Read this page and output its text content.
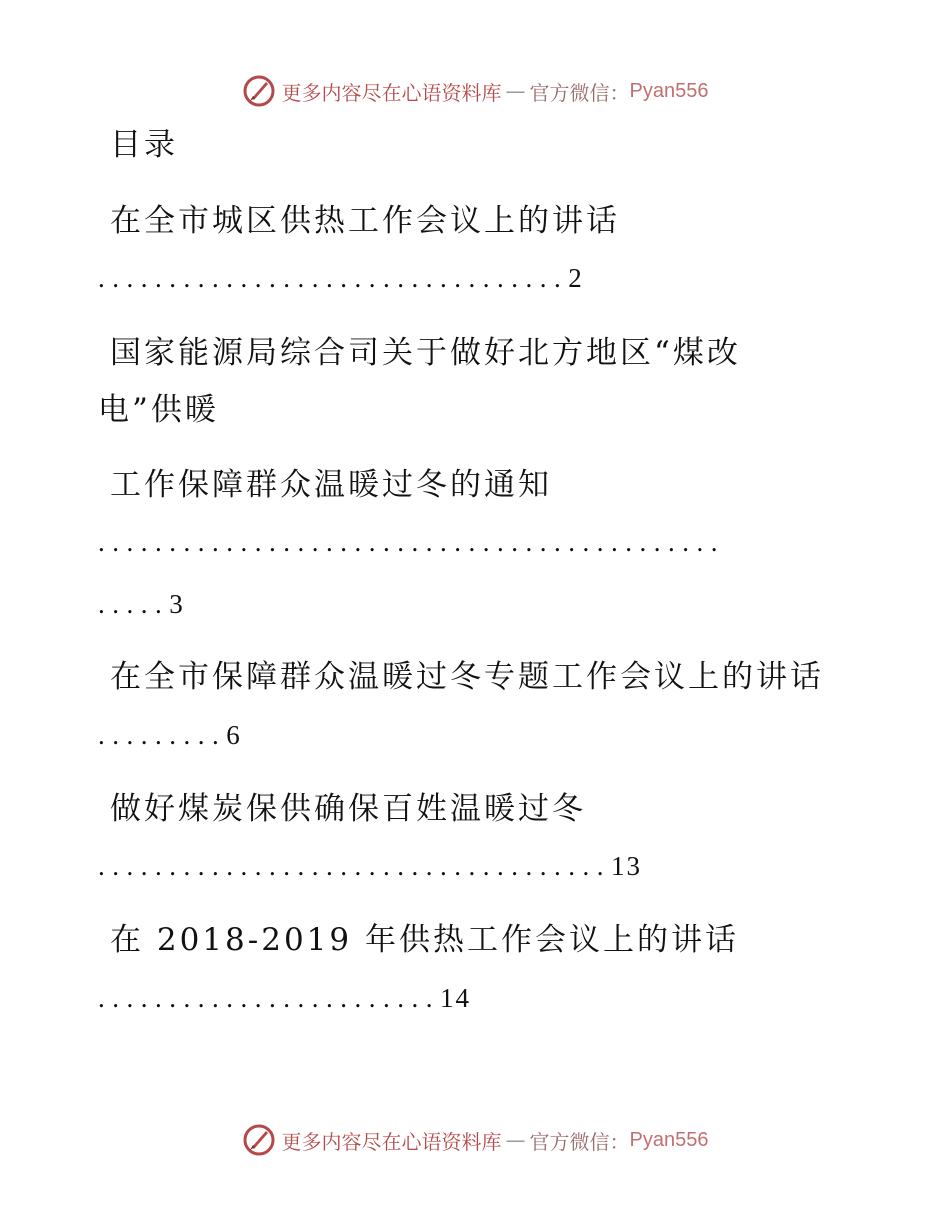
更多内容尽在心语资料库 — 官方微信： Pyan556
目录
在全市城区供热工作会议上的讲话
.................................2
国家能源局综合司关于做好北方地区“煤改
电”供暖
工作保障群众温暖过冬的通知
............................................
.....3
在全市保障群众温暖过冬专题工作会议上的讲话
.........6
做好煤炭保供确保百姓温暖过冬
....................................13
在 2018-2019 年供热工作会议上的讲话
........................14
更多内容尽在心语资料库 — 官方微信： Pyan556
